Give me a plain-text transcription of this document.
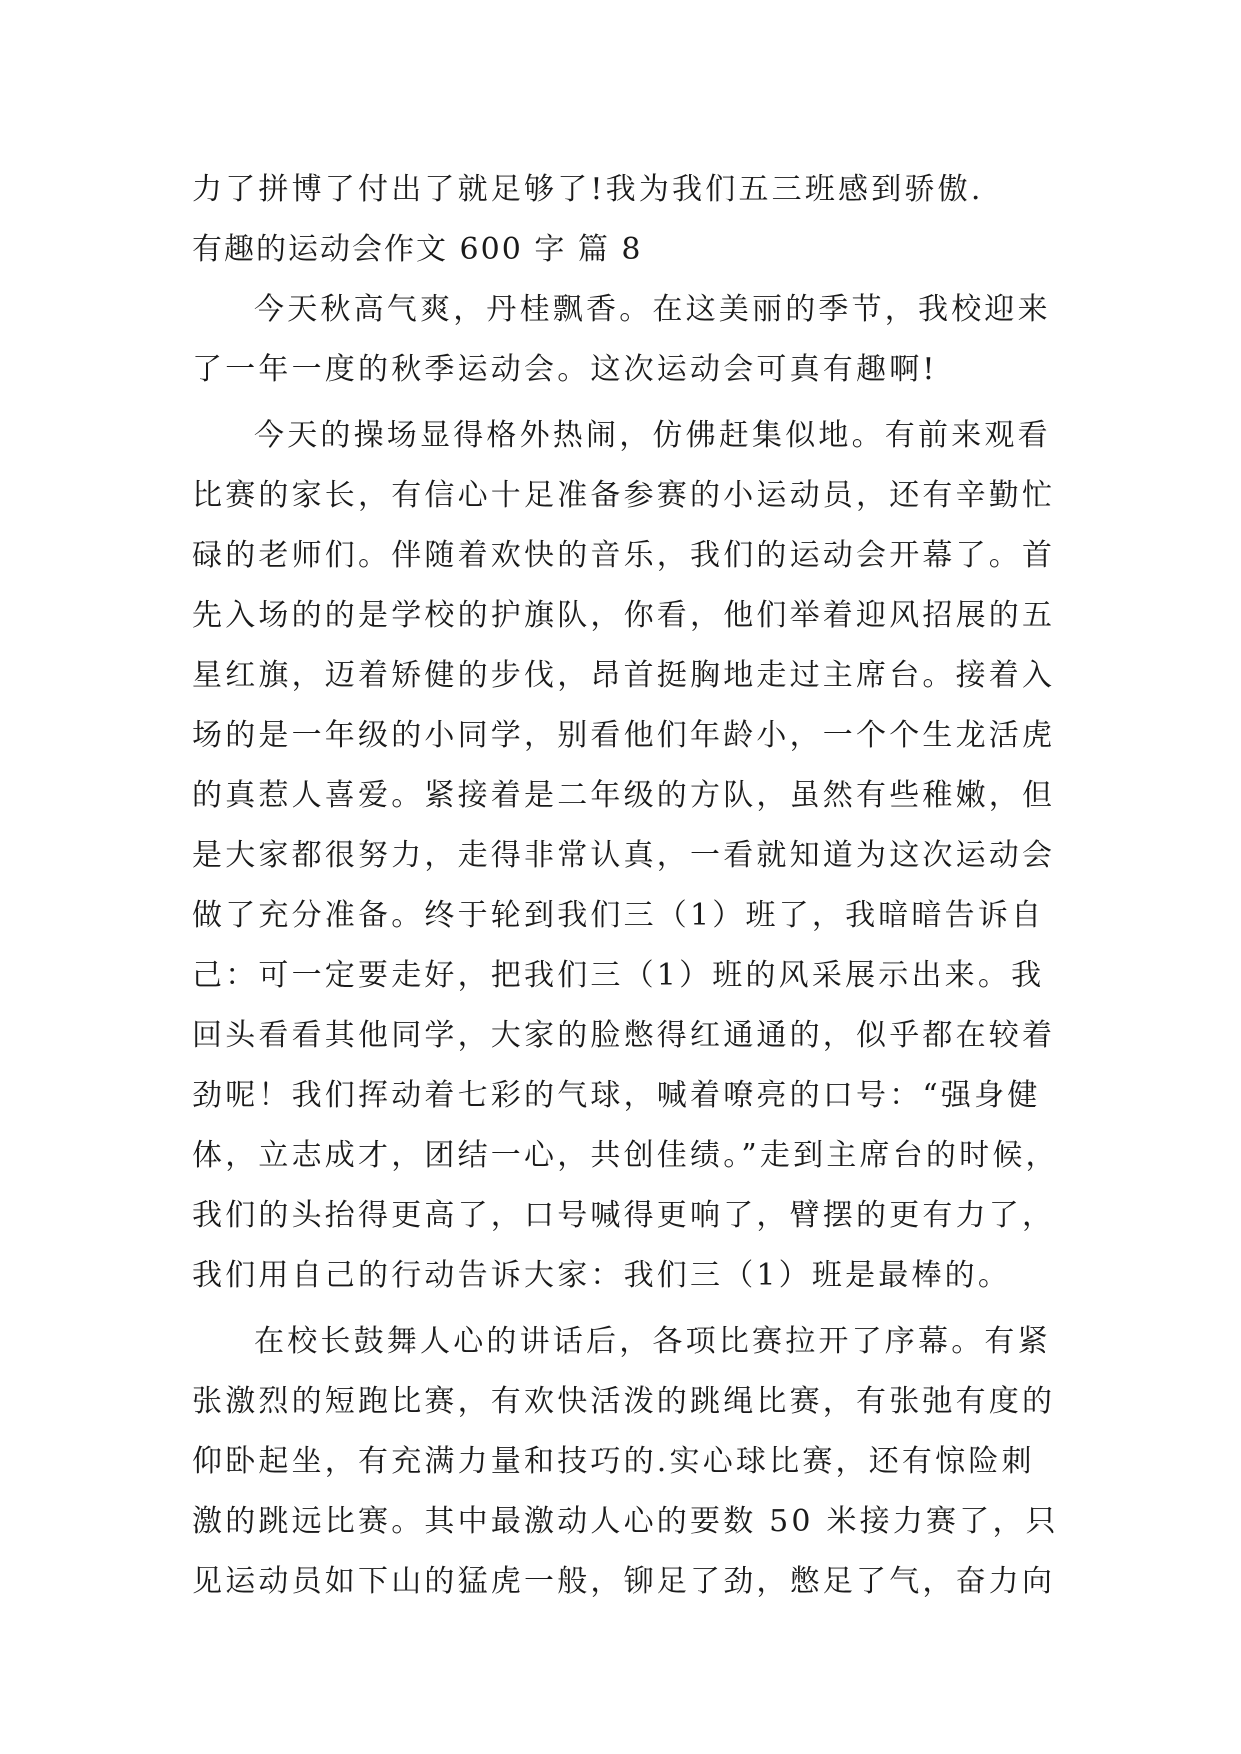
力了拼博了付出了就足够了!我为我们五三班感到骄傲.

有趣的运动会作文 600 字 篇 8

今天秋高气爽，丹桂飘香。在这美丽的季节，我校迎来

了一年一度的秋季运动会。这次运动会可真有趣啊!

今天的操场显得格外热闹，仿佛赶集似地。有前来观看

比赛的家长，有信心十足准备参赛的小运动员，还有辛勤忙

碌的老师们。伴随着欢快的音乐，我们的运动会开幕了。首

先入场的的是学校的护旗队，你看，他们举着迎风招展的五

星红旗，迈着矫健的步伐，昂首挺胸地走过主席台。接着入

场的是一年级的小同学，别看他们年龄小，一个个生龙活虎

的真惹人喜爱。紧接着是二年级的方队，虽然有些稚嫩，但

是大家都很努力，走得非常认真，一看就知道为这次运动会

做了充分准备。终于轮到我们三（1）班了，我暗暗告诉自

己：可一定要走好，把我们三（1）班的风采展示出来。我

回头看看其他同学，大家的脸憋得红通通的，似乎都在较着

劲呢！我们挥动着七彩的气球，喊着嘹亮的口号：“强身健

体，立志成才，团结一心，共创佳绩。”走到主席台的时候，

我们的头抬得更高了，口号喊得更响了，臂摆的更有力了，

我们用自己的行动告诉大家：我们三（1）班是最棒的。

在校长鼓舞人心的讲话后，各项比赛拉开了序幕。有紧

张激烈的短跑比赛，有欢快活泼的跳绳比赛，有张弛有度的

仰卧起坐，有充满力量和技巧的.实心球比赛，还有惊险刺

激的跳远比赛。其中最激动人心的要数 50 米接力赛了，只

见运动员如下山的猛虎一般，铆足了劲，憋足了气，奋力向
